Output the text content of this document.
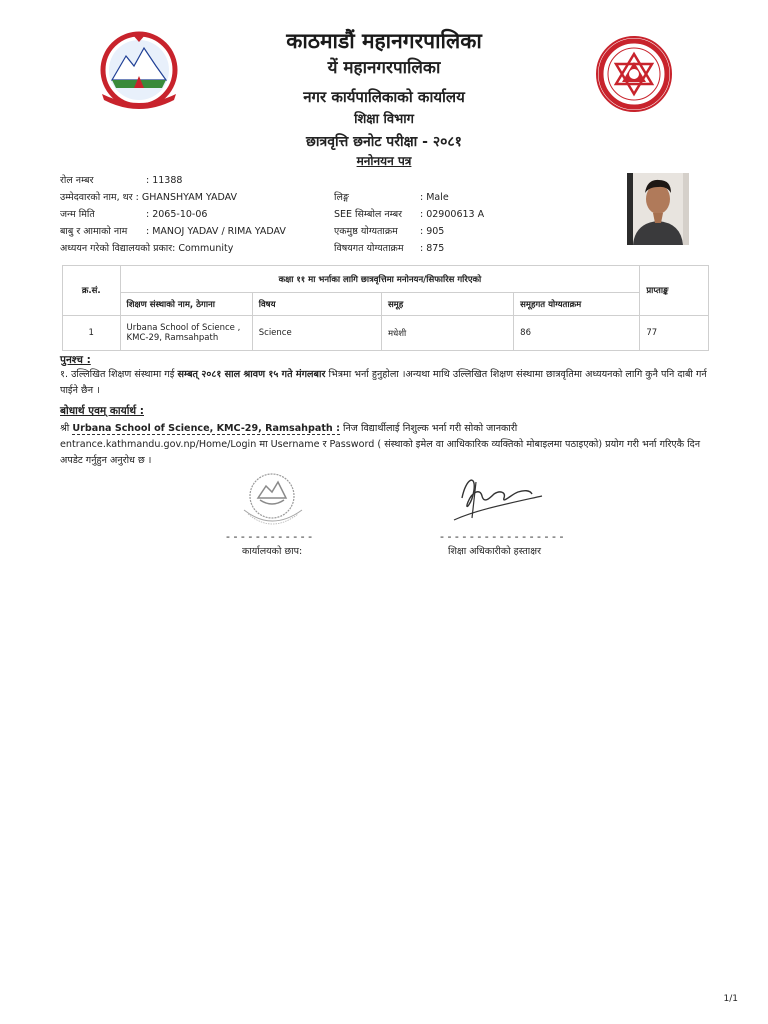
काठमाडौं महानगरपालिका
यें महानगरपालिका
नगर कार्यपालिकाको कार्यालय
शिक्षा विभाग
छात्रवृत्ति छनोट परीक्षा - २०८१
मनोनयन पत्र
रोल नम्बर	: 11388
उम्मेदवारको नाम, थर : GHANSHYAM YADAV
जन्म मिति	: 2065-10-06
बाबु र आमाको नाम : MANOJ YADAV / RIMA YADAV
अध्ययन गरेको विद्यालयको प्रकार: Community
लिङ्ग	: Male
SEE सिम्बोल नम्बर : 02900613 A
एकमुष्ठ योग्यताक्रम : 905
विषयगत योग्यताक्रम : 875
क्र.सं.	कक्षा ११ मा भर्नाका लागि छात्रवृत्तिमा मनोनयन/सिफारिस गरिएको				प्राप्ताङ्क
	शिक्षण संस्थाको नाम, ठेगाना	विषय	समूह	समूहगत योग्यताक्रम	
1	Urbana School of Science , KMC-29, Ramsahpath	Science	मधेशी	86	77
पुनश्च :
१. उल्लिखित शिक्षण संस्थामा गई सम्बत् २०८१ साल श्रावण १५ गते मंगलबार भित्रमा भर्ना हुनुहोला ।अन्यथा माथि उल्लिखित शिक्षण संस्थामा छात्रवृतिमा अध्ययनको लागि कुनै पनि दाबी गर्न पाईने छैन ।
बोधार्थ एवम् कार्यार्थ :
श्री Urbana School of Science, KMC-29, Ramsahpath : निज विद्यार्थीलाई निशुल्क भर्ना गरी सोको जानकारी entrance.kathmandu.gov.np/Home/Login मा Username र Password ( संस्थाको इमेल वा आधिकारिक व्यक्तिको मोबाइलमा पठाइएको) प्रयोग गरी भर्ना गरिएकै दिन अपडेट गर्नुहुन अनुरोध छ ।
- - - - - - - - - - - -	- - - - - - - - - - - - - - - - -
कार्यालयको छाप:	शिक्षा अधिकारीको हस्ताक्षर
1/1
